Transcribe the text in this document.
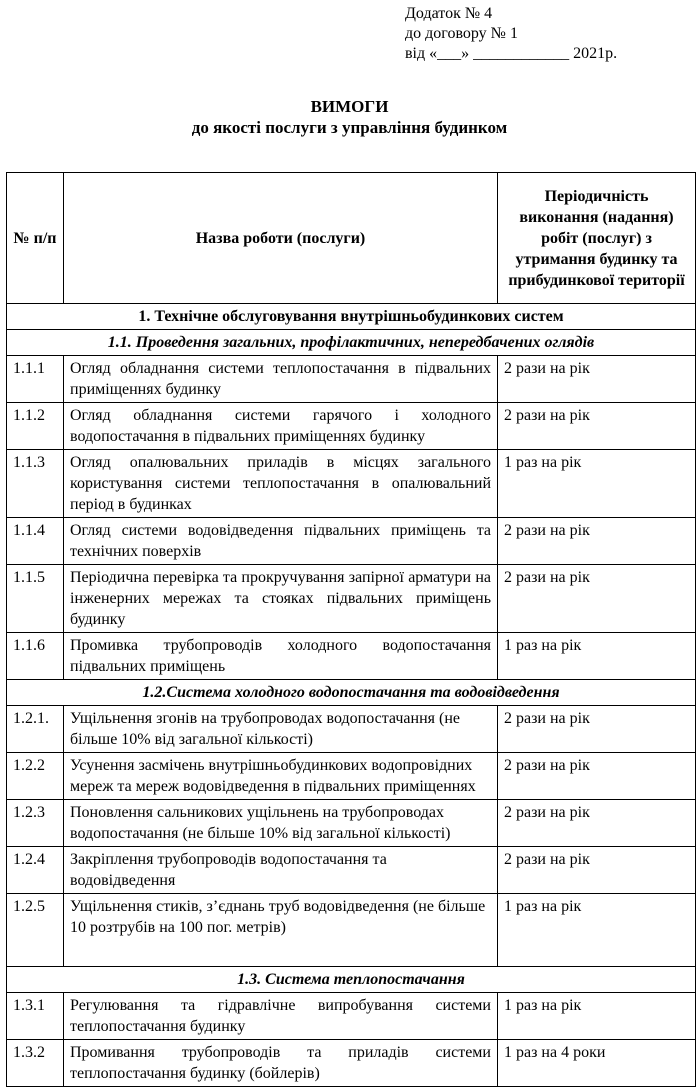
Додаток № 4
до договору № 1
від «___» ____________ 2021р.
ВИМОГИ
до якості послуги з управління будинком
№ п/п	Назва роботи (послуги)	Періодичність виконання (надання) робіт (послуг) з утримання будинку та прибудинкової території
1. Технічне обслуговування внутрішньобудинкових систем		
1.1. Проведення загальних, профілактичних, непередбачених оглядів		
1.1.1	Огляд обладнання системи теплопостачання в підвальних приміщеннях будинку	2 рази на рік
1.1.2	Огляд обладнання системи гарячого і холодного водопостачання в підвальних приміщеннях будинку	2 рази на рік
1.1.3	Огляд опалювальних приладів в місцях загального користування системи теплопостачання в опалювальний період в будинках	1 раз на рік
1.1.4	Огляд системи водовідведення підвальних приміщень та технічних поверхів	2 рази на рік
1.1.5	Періодична перевірка та прокручування запірної арматури на інженерних мережах та стояках підвальних приміщень будинку	2 рази на рік
1.1.6	Промивка трубопроводів холодного водопостачання підвальних приміщень	1 раз на рік
1.2.Система холодного водопостачання та водовідведення		
1.2.1.	Ущільнення згонів на трубопроводах водопостачання (не більше 10% від загальної кількості)	2 рази на рік
1.2.2	Усунення засмічень внутрішньобудинкових водопровідних мереж та мереж водовідведення в підвальних приміщеннях	2 рази на рік
1.2.3	Поновлення сальникових ущільнень на трубопроводах водопостачання (не більше 10% від загальної кількості)	2 рази на рік
1.2.4	Закріплення трубопроводів водопостачання та водовідведення	2 рази на рік
1.2.5	Ущільнення стиків, з’єднань труб водовідведення (не більше 10 розтрубів на 100 пог. метрів)	1 раз на рік
1.3. Система теплопостачання		
1.3.1	Регулювання та гідравлічне випробування системи теплопостачання будинку	1 раз на рік
1.3.2	Промивання трубопроводів та приладів системи теплопостачання будинку (бойлерів)	1 раз на 4 роки
